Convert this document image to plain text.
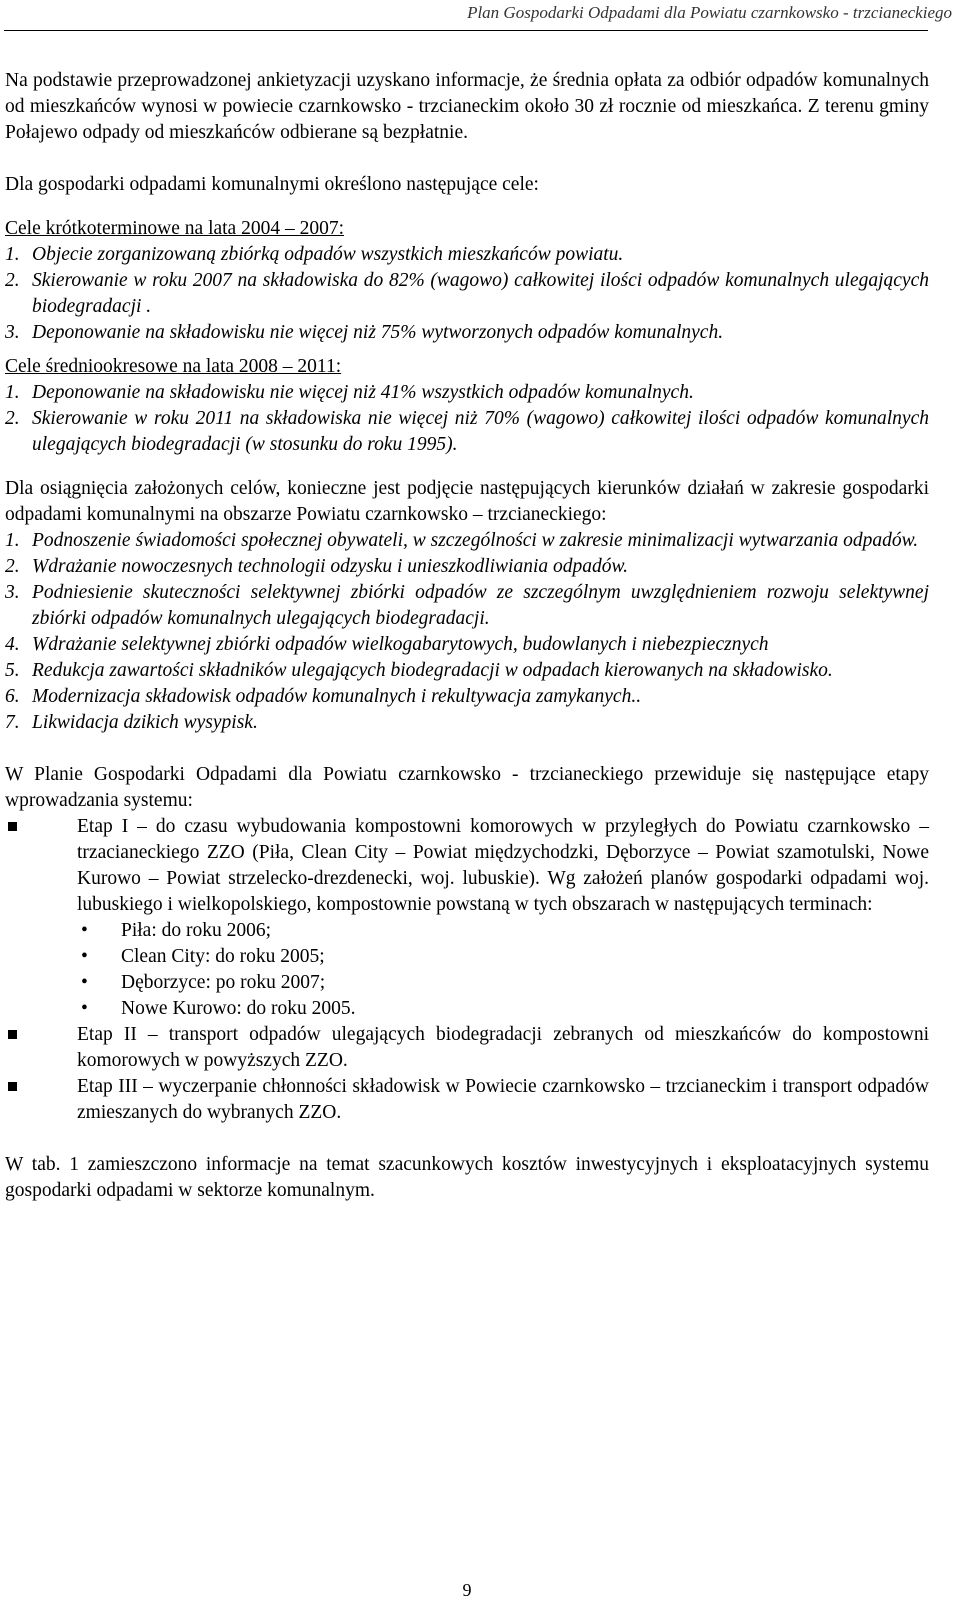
Plan Gospodarki Odpadami dla Powiatu czarnkowsko - trzcianeckiego

Na podstawie przeprowadzonej ankietyzacji uzyskano informacje, że średnia opłata za odbiór odpadów komunalnych od mieszkańców wynosi w powiecie czarnkowsko - trzcianeckim około 30 zł rocznie od mieszkańca. Z terenu gminy Połajewo odpady od mieszkańców odbierane są bezpłatnie.

Dla gospodarki odpadami komunalnymi określono następujące cele:

Cele krótkoterminowe na lata 2004 – 2007:

1. Objecie zorganizowaną zbiórką odpadów wszystkich mieszkańców powiatu.
2. Skierowanie w roku 2007 na składowiska do 82% (wagowo) całkowitej ilości odpadów komunalnych ulegających biodegradacji .
3. Deponowanie na składowisku nie więcej niż 75% wytworzonych odpadów komunalnych.

Cele średniookresowe na lata 2008 – 2011:

1. Deponowanie na składowisku nie więcej niż 41% wszystkich odpadów komunalnych.
2. Skierowanie w roku 2011 na składowiska nie więcej niż 70% (wagowo) całkowitej ilości odpadów komunalnych ulegających biodegradacji (w stosunku do roku 1995).

Dla osiągnięcia założonych celów, konieczne jest podjęcie następujących kierunków działań w zakresie gospodarki odpadami komunalnymi na obszarze Powiatu czarnkowsko – trzcianeckiego:

1. Podnoszenie świadomości społecznej obywateli, w szczególności w zakresie minimalizacji wytwarzania odpadów.
2. Wdrażanie nowoczesnych technologii odzysku i unieszkodliwiania odpadów.
3. Podniesienie skuteczności selektywnej zbiórki odpadów ze szczególnym uwzględnieniem rozwoju selektywnej zbiórki odpadów komunalnych ulegających biodegradacji.
4. Wdrażanie selektywnej zbiórki odpadów wielkogabarytowych, budowlanych i niebezpiecznych
5. Redukcja zawartości składników ulegających biodegradacji w odpadach kierowanych na składowisko.
6. Modernizacja składowisk odpadów komunalnych i rekultywacja zamykanych..
7. Likwidacja dzikich wysypisk.

W Planie Gospodarki Odpadami dla Powiatu czarnkowsko - trzcianeckiego przewiduje się następujące etapy wprowadzania systemu:

Etap I – do czasu wybudowania kompostowni komorowych w przyległych do Powiatu czarnkowsko – trzacianeckiego ZZO (Piła, Clean City – Powiat międzychodzki, Dęborzyce – Powiat szamotulski, Nowe Kurowo – Powiat strzelecko-drezdenecki, woj. lubuskie). Wg założeń planów gospodarki odpadami woj. lubuskiego i wielkopolskiego, kompostownie powstaną w tych obszarach w następujących terminach:
• Piła: do roku 2006;
• Clean City: do roku 2005;
• Dęborzyce: po roku 2007;
• Nowe Kurowo: do roku 2005.
Etap II – transport odpadów ulegających biodegradacji zebranych od mieszkańców do kompostowni komorowych w powyższych ZZO.
Etap III – wyczerpanie chłonności składowisk w Powiecie czarnkowsko – trzcianeckim i transport odpadów zmieszanych do wybranych ZZO.

W tab. 1 zamieszczono informacje na temat szacunkowych kosztów inwestycyjnych i eksploatacyjnych systemu gospodarki odpadami w sektorze komunalnym.

9
